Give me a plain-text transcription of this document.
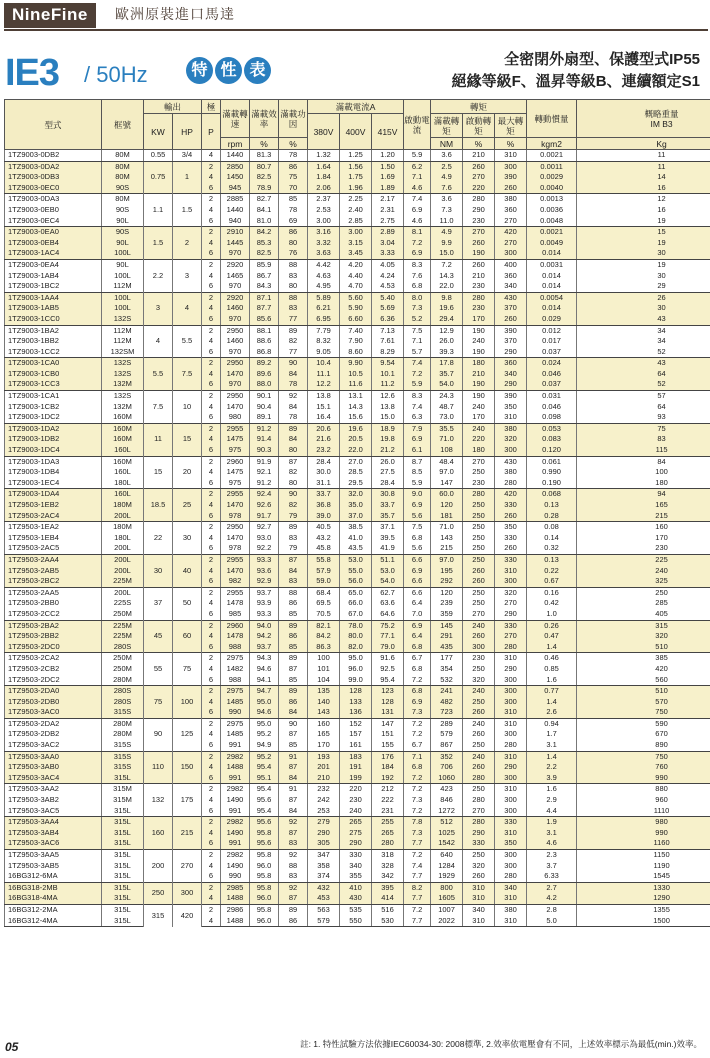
NineFine	歐洲原裝進口馬達
IE3 / 50Hz	特 性 表
全密閉外扇型、保護型式IP55
絕緣等級F、溫昇等級B、連續額定S1
型式	框號	輸出		極	滿載轉速	滿載效率	滿載功因	滿載電流A			啟動電流	轉矩			轉動慣量	概略重量
IM B3
		KW	HP	P				380V	400V	415V		滿載轉矩	啟動轉矩	最大轉矩		
					rpm	%	%					NM	%	%	kgm2	Kg
1TZ9003-0DB2	80M	0.55	3/4	4	1440	81.3	78	1.32	1.25	1.20	5.9	3.6	210	310	0.0021	11
1TZ9003-0DA2	80M	0.75	1	2	2850	80.7	86	1.64	1.56	1.50	6.2	2.5	260	300	0.0011	11
1TZ9003-0DB3	80M			4	1450	82.5	75	1.84	1.75	1.69	7.1	4.9	270	390	0.0029	14
1TZ9003-0EC0	90S			6	945	78.9	70	2.06	1.96	1.89	4.6	7.6	220	260	0.0040	16
1TZ9003-0DA3	80M	1.1	1.5	2	2885	82.7	85	2.37	2.25	2.17	7.4	3.6	280	380	0.0013	12
1TZ9003-0EB0	90S			4	1440	84.1	78	2.53	2.40	2.31	6.9	7.3	290	360	0.0036	16
1TZ9003-0EC4	90L			6	940	81.0	69	3.00	2.85	2.75	4.6	11.0	230	270	0.0048	19
1TZ9003-0EA0	90S	1.5	2	2	2910	84.2	86	3.16	3.00	2.89	8.1	4.9	270	420	0.0021	15
1TZ9003-0EB4	90L			4	1445	85.3	80	3.32	3.15	3.04	7.2	9.9	260	270	0.0049	19
1TZ9003-1AC4	100L			6	970	82.5	76	3.63	3.45	3.33	6.9	15.0	190	300	0.014	30
1TZ9003-0EA4	90L	2.2	3	2	2920	85.9	88	4.42	4.20	4.05	8.3	7.2	260	400	0.0031	19
1TZ9003-1AB4	100L			4	1465	86.7	83	4.63	4.40	4.24	7.6	14.3	210	360	0.014	30
1TZ9003-1BC2	112M			6	970	84.3	80	4.95	4.70	4.53	6.8	22.0	230	340	0.014	29
1TZ9003-1AA4	100L	3	4	2	2920	87.1	88	5.89	5.60	5.40	8.0	9.8	280	430	0.0054	26
1TZ9003-1AB5	100L			4	1460	87.7	83	6.21	5.90	5.69	7.3	19.6	230	370	0.014	30
1TZ9003-1CC0	132S			6	970	85.6	77	6.95	6.60	6.36	5.2	29.4	170	260	0.029	43
1TZ9003-1BA2	112M	4	5.5	2	2950	88.1	89	7.79	7.40	7.13	7.5	12.9	190	390	0.012	34
1TZ9003-1BB2	112M			4	1460	88.6	82	8.32	7.90	7.61	7.1	26.0	240	370	0.017	34
1TZ9003-1CC2	132SM			6	970	86.8	77	9.05	8.60	8.29	5.7	39.3	190	290	0.037	52
1TZ9003-1CA0	132S	5.5	7.5	2	2950	89.2	90	10.4	9.90	9.54	7.4	17.8	180	360	0.024	43
1TZ9003-1CB0	132S			4	1470	89.6	84	11.1	10.5	10.1	7.2	35.7	210	340	0.046	64
1TZ9003-1CC3	132M			6	970	88.0	78	12.2	11.6	11.2	5.9	54.0	190	290	0.037	52
1TZ9003-1CA1	132S	7.5	10	2	2950	90.1	92	13.8	13.1	12.6	8.3	24.3	190	390	0.031	57
1TZ9003-1CB2	132M			4	1470	90.4	84	15.1	14.3	13.8	7.4	48.7	240	350	0.046	64
1TZ9003-1DC2	160M			6	980	89.1	78	16.4	15.6	15.0	6.3	73.0	170	310	0.098	93
1TZ9003-1DA2	160M	11	15	2	2955	91.2	89	20.6	19.6	18.9	7.9	35.5	240	380	0.053	75
1TZ9003-1DB2	160M			4	1475	91.4	84	21.6	20.5	19.8	6.9	71.0	220	320	0.083	83
1TZ9003-1DC4	160L			6	975	90.3	80	23.2	22.0	21.2	6.1	108	180	300	0.120	115
1TZ9003-1DA3	160M	15	20	2	2960	91.9	87	28.4	27.0	26.0	8.7	48.4	270	430	0.061	84
1TZ9003-1DB4	160L			4	1475	92.1	82	30.0	28.5	27.5	8.5	97.0	250	380	0.990	100
1TZ9003-1EC4	180L			6	975	91.2	80	31.1	29.5	28.4	5.9	147	230	280	0.190	180
1TZ9003-1DA4	160L	18.5	25	2	2955	92.4	90	33.7	32.0	30.8	9.0	60.0	280	420	0.068	94
1TZ9503-1EB2	180M			4	1470	92.6	82	36.8	35.0	33.7	6.9	120	250	330	0.13	165
1TZ9503-2AC4	200L			6	978	91.7	79	39.0	37.0	35.7	5.6	181	250	260	0.28	215
1TZ9503-1EA2	180M	22	30	2	2950	92.7	89	40.5	38.5	37.1	7.5	71.0	250	350	0.08	160
1TZ9503-1EB4	180L			4	1470	93.0	83	43.2	41.0	39.5	6.8	143	250	330	0.14	170
1TZ9503-2AC5	200L			6	978	92.2	79	45.8	43.5	41.9	5.6	215	250	260	0.32	230
1TZ9503-2AA4	200L	30	40	2	2955	93.3	87	55.8	53.0	51.1	6.6	97.0	250	330	0.13	225
1TZ9503-2AB5	200L			4	1470	93.6	84	57.9	55.0	53.0	6.9	195	260	310	0.22	240
1TZ9503-2BC2	225M			6	982	92.9	83	59.0	56.0	54.0	6.6	292	260	300	0.67	325
1TZ9503-2AA5	200L	37	50	2	2955	93.7	88	68.4	65.0	62.7	6.6	120	250	320	0.16	250
1TZ9503-2BB0	225S			4	1478	93.9	86	69.5	66.0	63.6	6.4	239	250	270	0.42	285
1TZ9503-2CC2	250M			6	985	93.3	85	70.5	67.0	64.6	7.0	359	270	290	1.0	405
1TZ9503-2BA2	225M	45	60	2	2960	94.0	89	82.1	78.0	75.2	6.9	145	240	330	0.26	315
1TZ9503-2BB2	225M			4	1478	94.2	86	84.2	80.0	77.1	6.4	291	260	270	0.47	320
1TZ9503-2DC0	280S			6	988	93.7	85	86.3	82.0	79.0	6.8	435	300	280	1.4	510
1TZ9503-2CA2	250M	55	75	2	2975	94.3	89	100	95.0	91.6	6.7	177	230	310	0.46	385
1TZ9503-2CB2	250M			4	1482	94.6	87	101	96.0	92.5	6.8	354	250	290	0.85	420
1TZ9503-2DC2	280M			6	988	94.1	85	104	99.0	95.4	7.2	532	320	300	1.6	560
1TZ9503-2DA0	280S	75	100	2	2975	94.7	89	135	128	123	6.8	241	240	300	0.77	510
1TZ9503-2DB0	280S			4	1485	95.0	86	140	133	128	6.9	482	250	300	1.4	570
1TZ9503-3AC0	315S			6	990	94.6	84	143	136	131	7.3	723	260	310	2.6	750
1TZ9503-2DA2	280M	90	125	2	2975	95.0	90	160	152	147	7.2	289	240	310	0.94	590
1TZ9503-2DB2	280M			4	1485	95.2	87	165	157	151	7.2	579	260	300	1.7	670
1TZ9503-3AC2	315S			6	991	94.9	85	170	161	155	6.7	867	250	280	3.1	890
1TZ9503-3AA0	315S	110	150	2	2982	95.2	91	193	183	176	7.1	352	240	310	1.4	750
1TZ9503-3AB0	315S			4	1488	95.4	87	201	191	184	6.8	706	260	290	2.2	760
1TZ9503-3AC4	315L			6	991	95.1	84	210	199	192	7.2	1060	280	300	3.9	990
1TZ9503-3AA2	315M	132	175	2	2982	95.4	91	232	220	212	7.2	423	250	310	1.6	880
1TZ9503-3AB2	315M			4	1490	95.6	87	242	230	222	7.3	846	280	300	2.9	960
1TZ9503-3AC5	315L			6	991	95.4	84	253	240	231	7.2	1272	270	300	4.4	1110
1TZ9503-3AA4	315L	160	215	2	2982	95.6	92	279	265	255	7.8	512	280	330	1.9	980
1TZ9503-3AB4	315L			4	1490	95.8	87	290	275	265	7.3	1025	290	310	3.1	990
1TZ9503-3AC6	315L			6	991	95.6	83	305	290	280	7.7	1542	330	350	4.6	1160
1TZ9503-3AA5	315L	200	270	2	2982	95.8	92	347	330	318	7.2	640	250	300	2.3	1150
1TZ9503-3AB5	315L			4	1490	96.0	88	358	340	328	7.4	1284	320	300	3.7	1190
16BG312-6MA	315L			6	990	95.8	83	374	355	342	7.7	1929	260	280	6.33	1545
16BG318-2MB	315L	250	300	2	2985	95.8	92	432	410	395	8.2	800	310	340	2.7	1330
16BG318-4MA	315L			4	1488	96.0	87	453	430	414	7.7	1605	310	310	4.2	1290
16BG312-2MA	315L	315	420	2	2986	95.8	89	563	535	516	7.2	1007	340	380	2.8	1355
16BG312-4MA	315L			4	1488	96.0	86	579	550	530	7.7	2022	310	310	5.0	1500
註: 1. 特性試驗方法依據IEC60034-30: 2008標準, 2.效率依電壓會有不同，上述效率標示為最低(min.)效率。
05
